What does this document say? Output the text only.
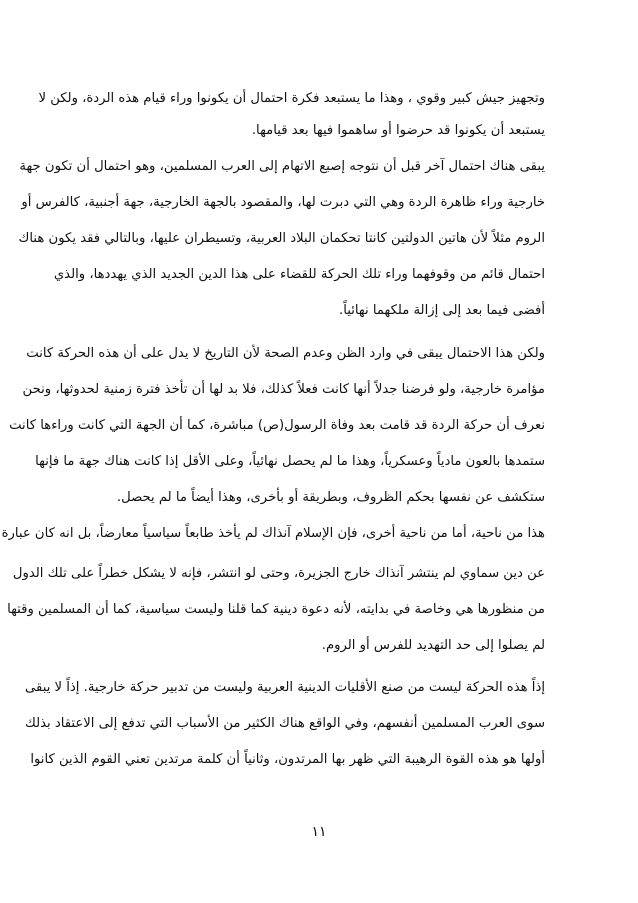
وتجهيز جيش كبير وقوي ، وهذا ما يستبعد فكرة احتمال أن يكونوا وراء قيام هذه الردة، ولكن لا
يستبعد أن يكونوا قد حرضوا أو ساهموا فيها بعد قيامها.
يبقى هناك احتمال آخر قبل أن نتوجه إصبع الاتهام إلى العرب المسلمين، وهو احتمال أن تكون جهة
خارجية وراء ظاهرة الردة وهي التي دبرت لها، والمقصود بالجهة الخارجية، جهة أجنبية، كالفرس أو
الروم مثلاً لأن هاتين الدولتين كانتا تحكمان البلاد العربية، وتسيطران عليها، وبالتالي فقد يكون هناك
احتمال قائم من وقوفهما وراء تلك الحركة للقضاء على هذا الدين الجديد الذي يهددها، والذي
أفضى فيما بعد إلى إزالة ملكهما نهائياً.
ولكن هذا الاحتمال يبقى في وارد الظن وعدم الصحة لأن التاريخ لا يدل على أن هذه الحركة كانت
مؤامرة خارجية، ولو فرضنا جدلاً أنها كانت فعلاً كذلك، فلا بد لها أن تأخذ فترة زمنية لحدوثها، ونحن
نعرف أن حركة الردة قد قامت بعد وفاة الرسول(ص) مباشرة، كما أن الجهة التي كانت وراءها كانت
ستمدها بالعون مادياً وعسكرياً، وهذا ما لم يحصل نهائياً، وعلى الأقل إذا كانت هناك جهة ما فإنها
ستكشف عن نفسها بحكم الظروف، وبطريقة أو بأخرى، وهذا أيضاً ما لم يحصل.
هذا من ناحية، أما من ناحية أخرى، فإن الإسلام آنذاك لم يأخذ طابعاً سياسياً معارضاً، بل انه كان عبارة
عن دين سماوي لم ينتشر آنذاك خارج الجزيرة، وحتى لو انتشر، فإنه لا يشكل خطراً على تلك الدول
من منظورها هي وخاصة في بدايته، لأنه دعوة دينية كما قلنا وليست سياسية، كما أن المسلمين وقتها
لم يصلوا إلى حد التهديد للفرس أو الروم.
إذاً هذه الحركة ليست من صنع الأقليات الدينية العربية وليست من تدبير حركة خارجية. إذاً لا يبقى
سوى العرب المسلمين أنفسهم، وفي الواقع هناك الكثير من الأسباب التي تدفع إلى الاعتقاد بذلك
أولها هو هذه القوة الرهيبة التي ظهر بها المرتدون، وثانياً أن كلمة مرتدين تعني القوم الذين كانوا
١١
